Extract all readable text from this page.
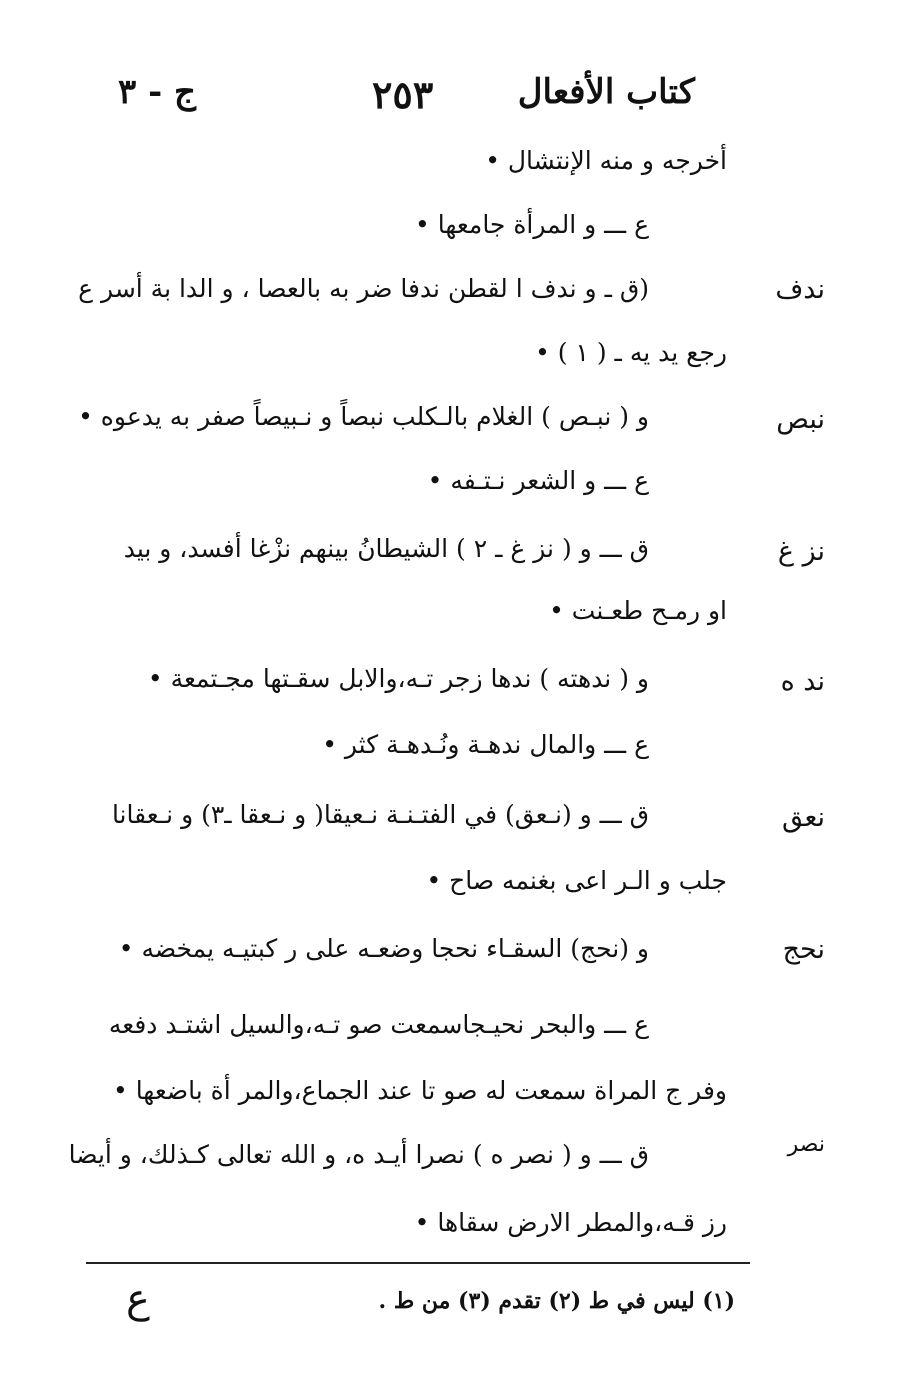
ج - ٣	٢٥٣ كتاب الأفعال
أخرجه و منه الإنتشال •
ع ـــ و المرأة جامعها •
ندف
(ق ـ و ندف ا لقطن ندفا ضر به بالعصا ، و الدا بة أسر ع
رجع يد يه ـ ( ١ ) •
نبص
و ( نبـص ) الغلام بالـكلب نبصاً و نـبيصاً صفر به يدعوه •
ع ـــ و الشعر نـتـفه •
نز غ
ق ـــ و ( نز غ ـ ٢ ) الشيطانُ بينهم نزْغا أفسد، و بيد
او رمـح طعـنت •
ند ه
و ( ندهته ) ندها زجر تـه،والابل سقـتها مجـتمعة •
ع ـــ والمال ندهـة ونُـدهـة كثر •
نعق
ق ـــ و (نـعق) في الفتـنـة نـعيقا( و نـعقا ـ٣) و نـعقانا
جلب و الـر اعى بغنمه صاح •
نحج
و (نحج) السقـاء نحجا وضعـه على ر كبتيـه يمخضه •
ع ـــ والبحر نحيـجاسمعت صو تـه،والسيل اشتـد دفعه
وفر ج المراة سمعت له صو تا عند الجماع،والمر أة باضعها •
نصر
ق ـــ و ( نصر ه ) نصرا أيـد ه، و الله تعالى كـذلك، و أيضا
رز قـه،والمطر الارض سقاها •
(١) ليس في ط (٢) تقدم (٣) من ط .
ع
